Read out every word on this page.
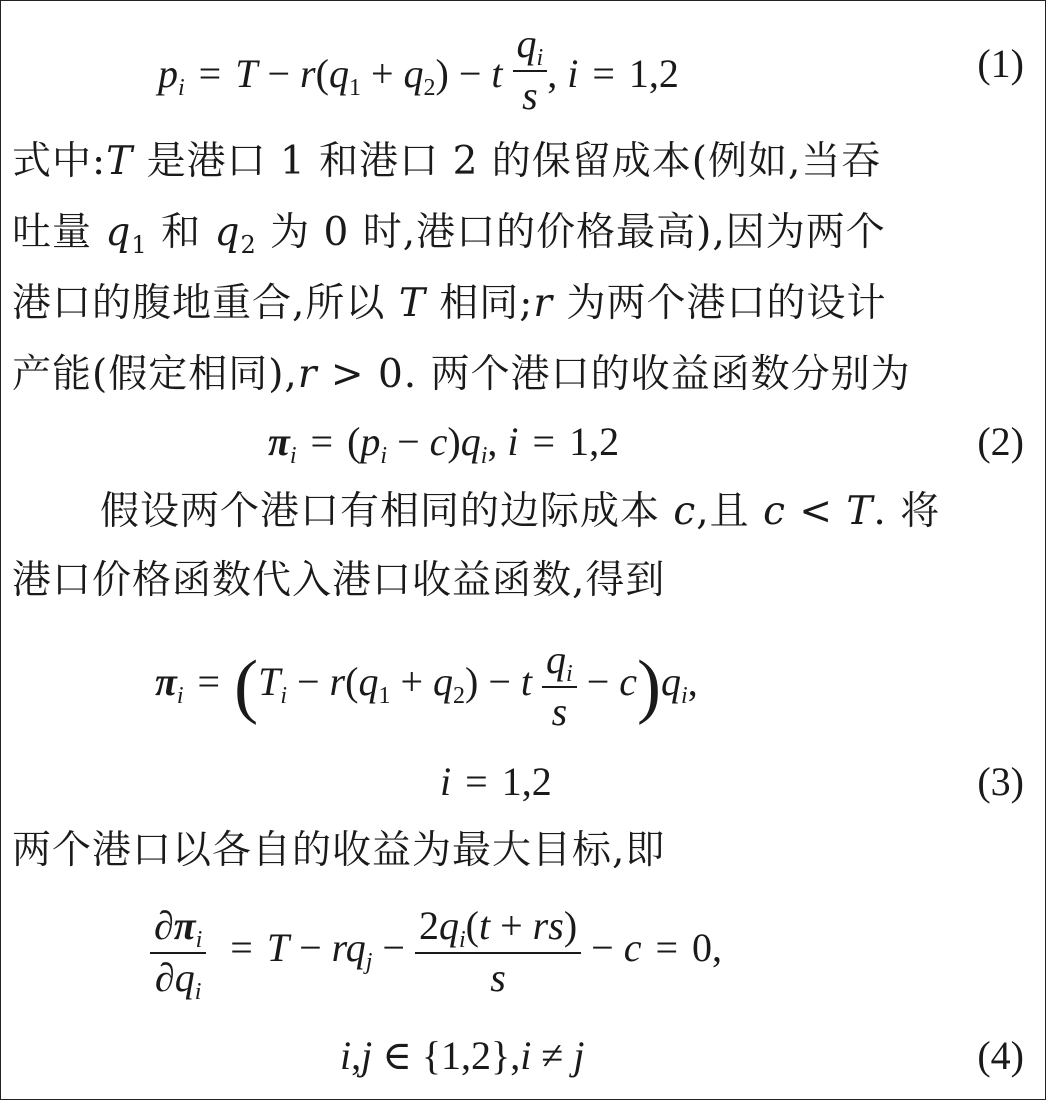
$p_i = T - r(q_1 + q_2) - t \frac{q_i}{s}$ , i = 1,2	(1)
式中:T 是港口 1 和港口 2 的保留成本(例如,当吞
吐量 $q_1$ 和 $q_2$ 为 0 时,港口的价格最高),因为两个
港口的腹地重合,所以 T 相同;r 为两个港口的设计
产能(假定相同),r > 0. 两个港口的收益函数分别为
$\pi_i = (p_i - c)q_i$, i = 1,2	(2)
假设两个港口有相同的边际成本 c,且 c < T. 将
港口价格函数代入港口收益函数,得到
$\pi_i = (T_i - r(q_1 + q_2) - t \frac{q_i}{s} - c)q_i$,
i = 1,2	(3)
两个港口以各自的收益为最大目标,即
$\frac{\partial\pi_i}{\partial q_i} = T - rq_j - \frac{2q_i(t + rs)}{s} - c = 0$,
i,j ∈ {1,2},i ≠ j	(4)
